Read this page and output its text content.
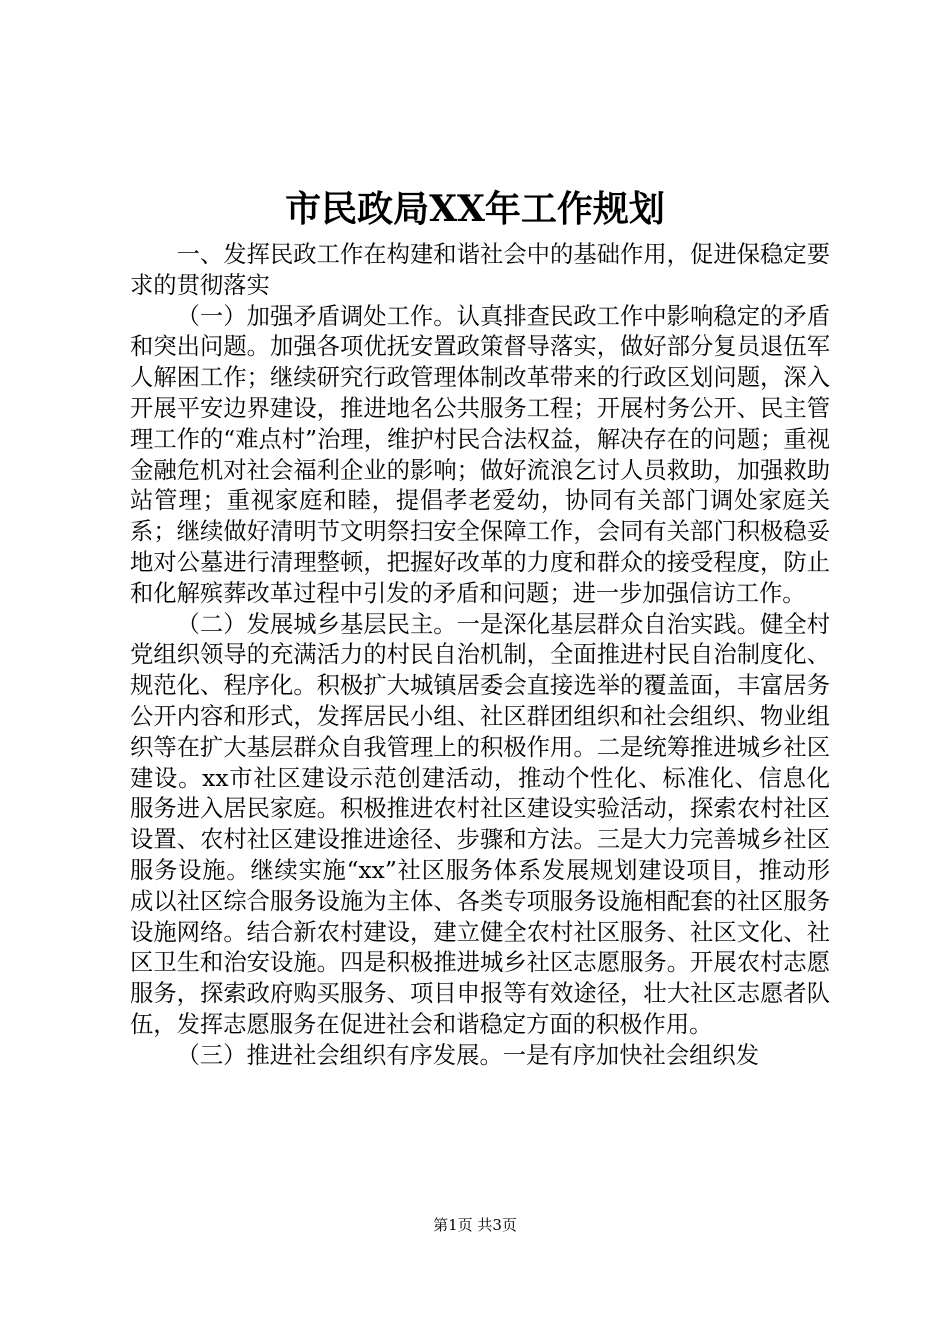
市民政局XX年工作规划

一、发挥民政工作在构建和谐社会中的基础作用，促进保稳定要求的贯彻落实

（一）加强矛盾调处工作。认真排查民政工作中影响稳定的矛盾和突出问题。加强各项优抚安置政策督导落实，做好部分复员退伍军人解困工作；继续研究行政管理体制改革带来的行政区划问题，深入开展平安边界建设，推进地名公共服务工程；开展村务公开、民主管理工作的“难点村”治理，维护村民合法权益，解决存在的问题；重视金融危机对社会福利企业的影响；做好流浪乞讨人员救助，加强救助站管理；重视家庭和睦，提倡孝老爱幼，协同有关部门调处家庭关系；继续做好清明节文明祭扫安全保障工作，会同有关部门积极稳妥地对公墓进行清理整顿，把握好改革的力度和群众的接受程度，防止和化解殡葬改革过程中引发的矛盾和问题；进一步加强信访工作。

（二）发展城乡基层民主。一是深化基层群众自治实践。健全村党组织领导的充满活力的村民自治机制，全面推进村民自治制度化、规范化、程序化。积极扩大城镇居委会直接选举的覆盖面，丰富居务公开内容和形式，发挥居民小组、社区群团组织和社会组织、物业组织等在扩大基层群众自我管理上的积极作用。二是统筹推进城乡社区建设。xx市社区建设示范创建活动，推动个性化、标准化、信息化服务进入居民家庭。积极推进农村社区建设实验活动，探索农村社区设置、农村社区建设推进途径、步骤和方法。三是大力完善城乡社区服务设施。继续实施“xx”社区服务体系发展规划建设项目，推动形成以社区综合服务设施为主体、各类专项服务设施相配套的社区服务设施网络。结合新农村建设，建立健全农村社区服务、社区文化、社区卫生和治安设施。四是积极推进城乡社区志愿服务。开展农村志愿服务，探索政府购买服务、项目申报等有效途径，壮大社区志愿者队伍，发挥志愿服务在促进社会和谐稳定方面的积极作用。

（三）推进社会组织有序发展。一是有序加快社会组织发

第1页 共3页
